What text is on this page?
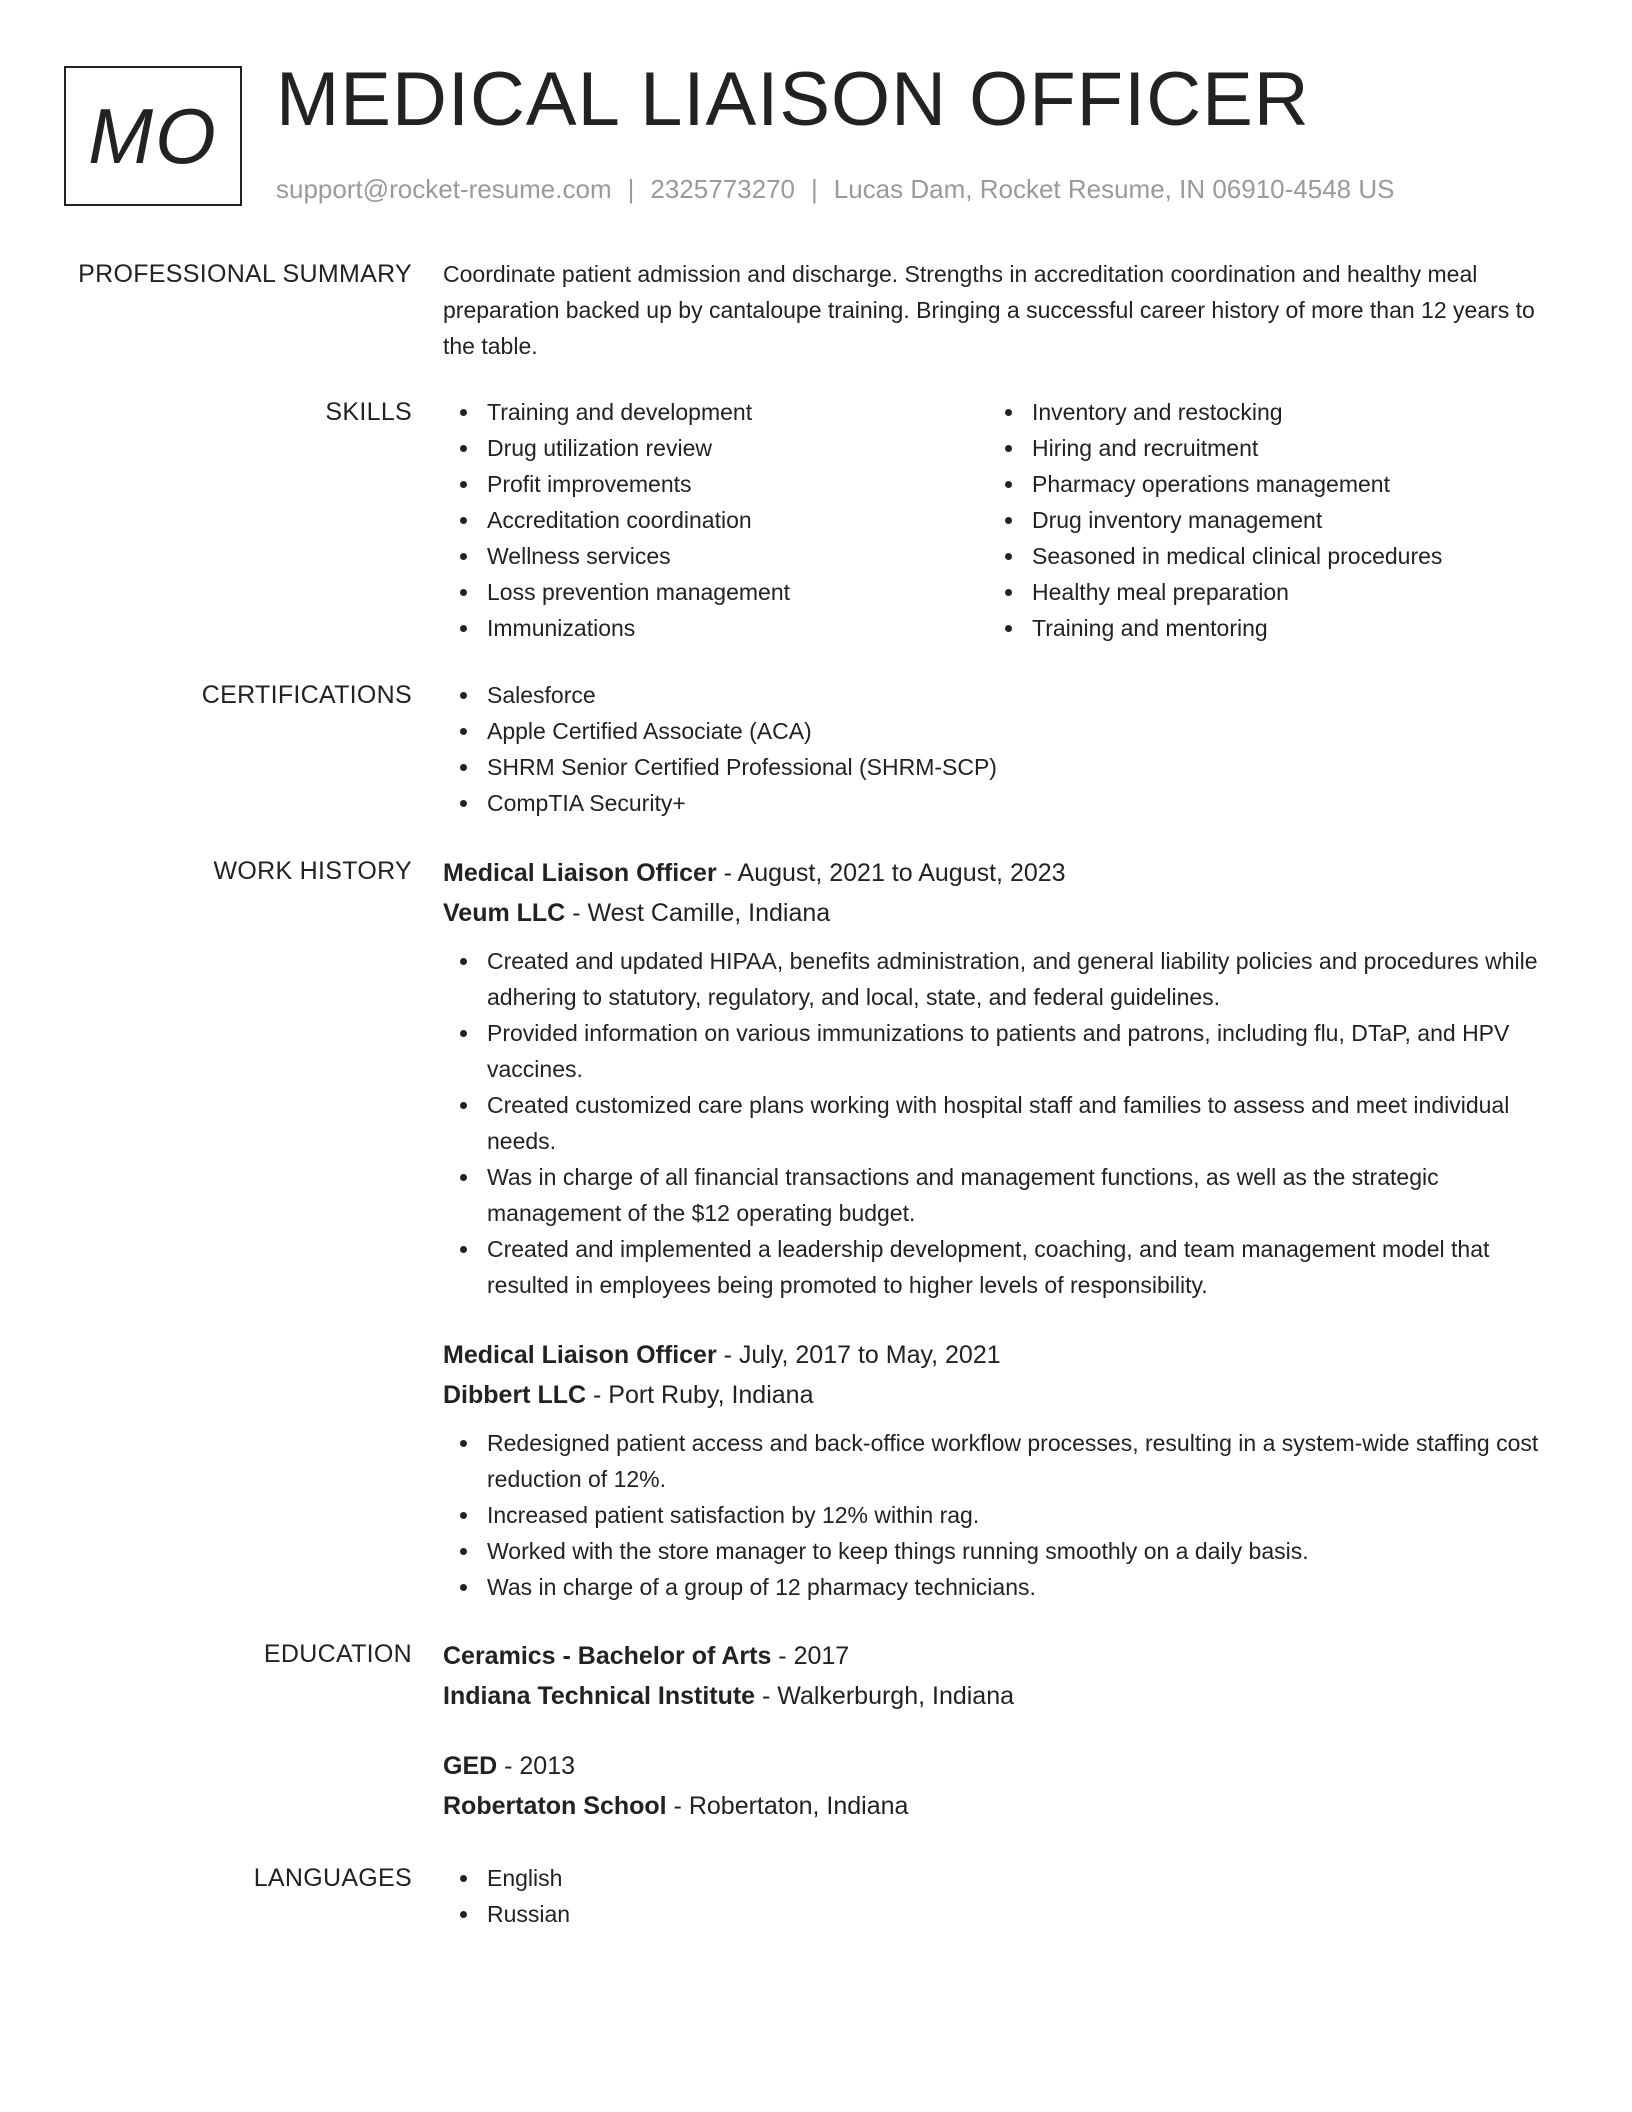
MO MEDICAL LIAISON OFFICER
support@rocket-resume.com | 2325773270 | Lucas Dam, Rocket Resume, IN 06910-4548 US
PROFESSIONAL SUMMARY Coordinate patient admission and discharge. Strengths in accreditation coordination and healthy meal preparation backed up by cantaloupe training. Bringing a successful career history of more than 12 years to the table.
SKILLS	Training and development
Drug utilization review
Profit improvements
Accreditation coordination
Wellness services
Loss prevention management
Immunizations
Inventory and restocking
Hiring and recruitment
Pharmacy operations management
Drug inventory management
Seasoned in medical clinical procedures
Healthy meal preparation
Training and mentoring
CERTIFICATIONS	Salesforce
Apple Certified Associate (ACA)
SHRM Senior Certified Professional (SHRM-SCP)
CompTIA Security+
WORK HISTORY Medical Liaison Officer - August, 2021 to August, 2023
Veum LLC - West Camille, Indiana
Created and updated HIPAA, benefits administration, and general liability policies and procedures while adhering to statutory, regulatory, and local, state, and federal guidelines.
Provided information on various immunizations to patients and patrons, including flu, DTaP, and HPV vaccines.
Created customized care plans working with hospital staff and families to assess and meet individual needs.
Was in charge of all financial transactions and management functions, as well as the strategic management of the $12 operating budget.
Created and implemented a leadership development, coaching, and team management model that resulted in employees being promoted to higher levels of responsibility.
Medical Liaison Officer - July, 2017 to May, 2021
Dibbert LLC - Port Ruby, Indiana
Redesigned patient access and back-office workflow processes, resulting in a system-wide staffing cost reduction of 12%.
Increased patient satisfaction by 12% within rag.
Worked with the store manager to keep things running smoothly on a daily basis.
Was in charge of a group of 12 pharmacy technicians.
EDUCATION Ceramics - Bachelor of Arts - 2017
Indiana Technical Institute - Walkerburgh, Indiana
GED - 2013
Robertaton School - Robertaton, Indiana
LANGUAGES	English
Russian
